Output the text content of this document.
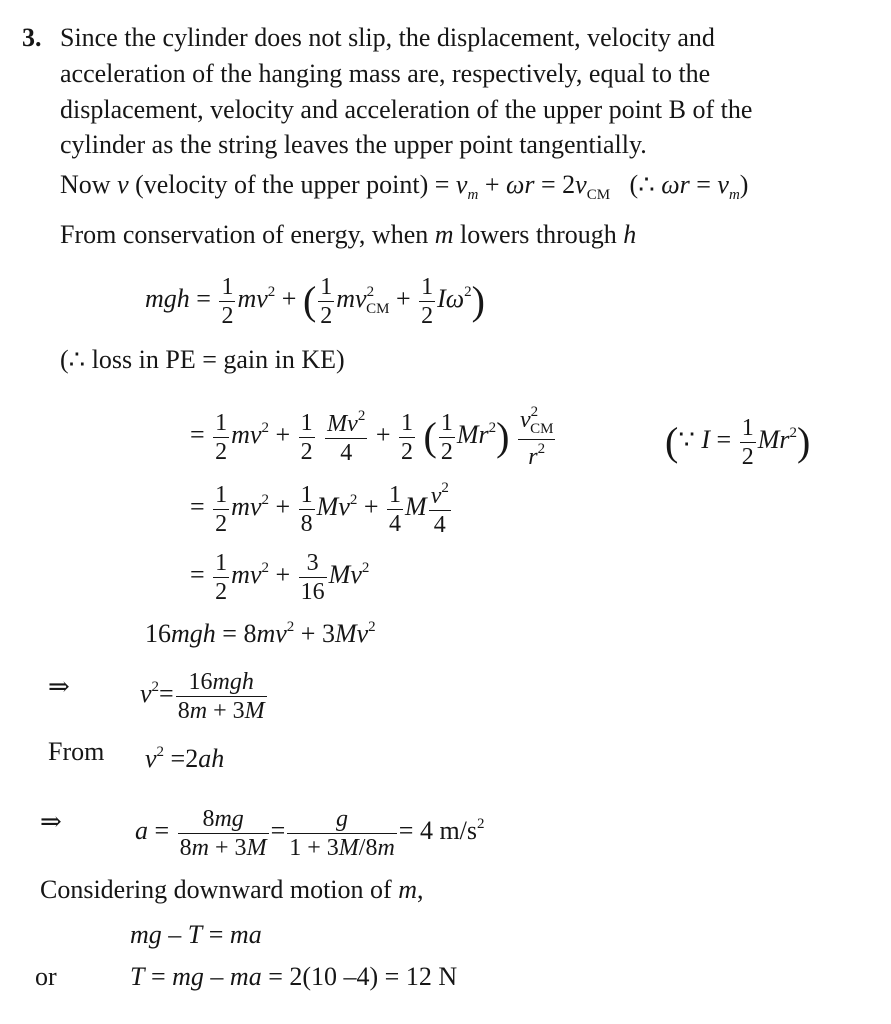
3. Since the cylinder does not slip, the displacement, velocity and
acceleration of the hanging mass are, respectively, equal to the
displacement, velocity and acceleration of the upper point B of the
cylinder as the string leaves the upper point tangentially.
Now v (velocity of the upper point) = $v_m + \omega r = 2v_{CM}$   (∴ $\omega r = v_m$)
From conservation of energy, when m lowers through h
mgh = $\frac{1}{2} mv^2$ + ( $\frac{1}{2} mv^2_{CM} + \frac{1}{2} I\omega^2$)
(∴ loss in PE = gain in KE)
= $\frac{1}{2} mv^2 + \frac{1}{2}$
$\frac{Mv^2}{4} + \frac{1}{2}$ ( $\frac{1}{2} Mr^2) \frac{v^2_{CM}}{r^2}$	(∵ $I = \frac{1}{2} Mr^2$)
= $\frac{1}{2} mv^2 + \frac{1}{8} Mv^2 + \frac{1}{4}$ M $\frac{v^2}{4}$
= $\frac{1}{2} mv^2 + \frac{3}{16} Mv^2$
$16mgh = 8mv^2 + 3Mv^2$
⇒	$v^2= \frac{\text{16mgh}}{8m + 3M}$
From $v^2 =2ah$
⇒	$a = \frac{8mg}{8m + 3M} = \frac{g}{1 + 3M/8m} = 4$ $m/s^2$
Considering downward motion of m,
mg – T = ma
or	T = mg – ma = 2(10 –4) = 12 N
